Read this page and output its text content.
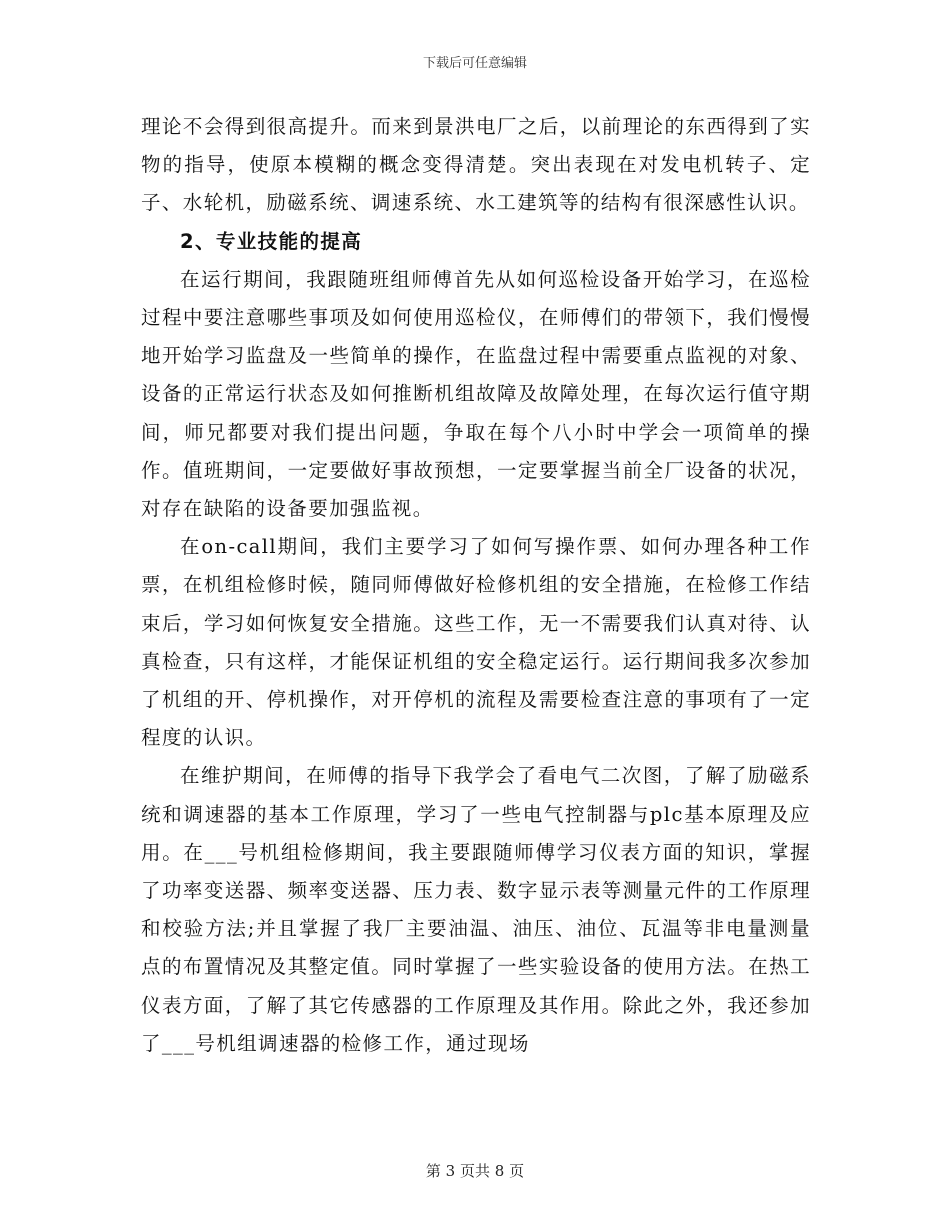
下载后可任意编辑

理论不会得到很高提升。而来到景洪电厂之后，以前理论的东西得到了实物的指导，使原本模糊的概念变得清楚。突出表现在对发电机转子、定子、水轮机，励磁系统、调速系统、水工建筑等的结构有很深感性认识。

2、专业技能的提高

在运行期间，我跟随班组师傅首先从如何巡检设备开始学习，在巡检过程中要注意哪些事项及如何使用巡检仪，在师傅们的带领下，我们慢慢地开始学习监盘及一些简单的操作，在监盘过程中需要重点监视的对象、设备的正常运行状态及如何推断机组故障及故障处理，在每次运行值守期间，师兄都要对我们提出问题，争取在每个八小时中学会一项简单的操作。值班期间，一定要做好事故预想，一定要掌握当前全厂设备的状况，对存在缺陷的设备要加强监视。

在on-call期间，我们主要学习了如何写操作票、如何办理各种工作票，在机组检修时候，随同师傅做好检修机组的安全措施，在检修工作结束后，学习如何恢复安全措施。这些工作，无一不需要我们认真对待、认真检查，只有这样，才能保证机组的安全稳定运行。运行期间我多次参加了机组的开、停机操作，对开停机的流程及需要检查注意的事项有了一定程度的认识。

在维护期间，在师傅的指导下我学会了看电气二次图，了解了励磁系统和调速器的基本工作原理，学习了一些电气控制器与plc基本原理及应用。在___号机组检修期间，我主要跟随师傅学习仪表方面的知识，掌握了功率变送器、频率变送器、压力表、数字显示表等测量元件的工作原理和校验方法;并且掌握了我厂主要油温、油压、油位、瓦温等非电量测量点的布置情况及其整定值。同时掌握了一些实验设备的使用方法。在热工仪表方面，了解了其它传感器的工作原理及其作用。除此之外，我还参加了___号机组调速器的检修工作，通过现场

第 3 页共 8 页
